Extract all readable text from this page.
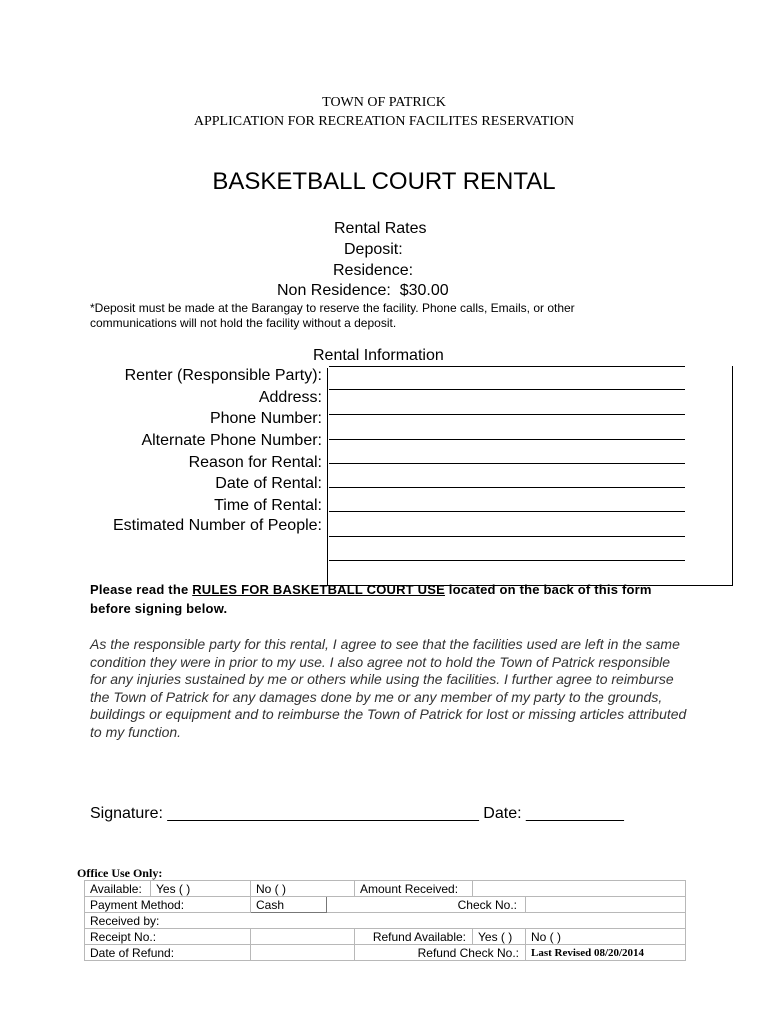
TOWN OF PATRICK
APPLICATION FOR RECREATION FACILITES RESERVATION
BASKETBALL COURT RENTAL
Rental Rates
Deposit:
Residence:
Non Residence: $30.00
*Deposit must be made at the Barangay to reserve the facility. Phone calls, Emails, or other communications will not hold the facility without a deposit.
Rental Information
Renter (Responsible Party):
Address:
Phone Number:
Alternate Phone Number:
Reason for Rental:
Date of Rental:
Time of Rental:
Estimated Number of People:
Please read the RULES FOR BASKETBALL COURT USE located on the back of this form before signing below.
As the responsible party for this rental, I agree to see that the facilities used are left in the same condition they were in prior to my use. I also agree not to hold the Town of Patrick responsible for any injuries sustained by me or others while using the facilities. I further agree to reimburse the Town of Patrick for any damages done by me or any member of my party to the grounds, buildings or equipment and to reimburse the Town of Patrick for lost or missing articles attributed to my function.
Signature: ___________________________________ Date: ___________
Office Use Only:
Available:	Yes ( )	No ( )		Amount Received:			
Payment Method:		Cash			Check No.:		
Received by:							
Receipt No.:				Refund Available:		Yes ( )	No ( )
Date of Refund:				Refund Check No.:			Last Revised 08/20/2014
